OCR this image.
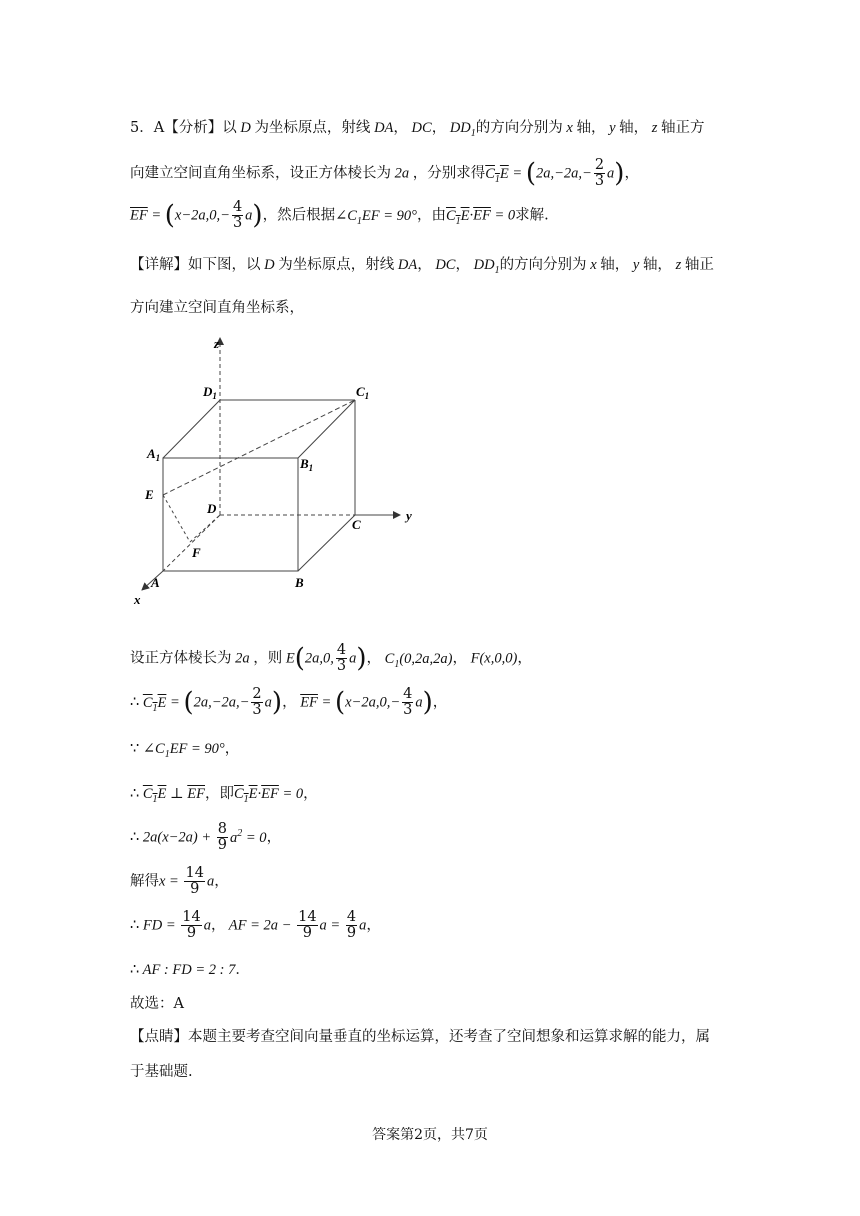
5．A【分析】以 D 为坐标原点，射线 DA， DC， $DD_1$的方向分别为 x 轴， y 轴， z 轴正方
向建立空间直角坐标系，设正方体棱长为 2a ，分别求得$C_1E = (2a,-2a,- \frac{2}{3} a)$，
$\overline{EF} = (x-2a,0,- \frac{4}{3} a)$，然后根据$\angle C_1EF = 90^\circ$，由$C_1E\cdot\overline{EF} = 0$求解.
【详解】如下图，以 D 为坐标原点，射线 DA， DC， $DD_1$的方向分别为 x 轴， y 轴， z 轴正
方向建立空间直角坐标系，
z
y
x
$D_1$	$C_1$
$A_1$	$B_1$
E
D
C
F
A	B
设正方体棱长为 2a ，则 E(2a,0, $\frac{4}{3} a$)， $C_1(0,2a,2a)$， F(x,0,0)，
∴ $C_1E = (2a,-2a,- \frac{2}{3} a)$， $\overline{EF} = (x-2a,0,- \frac{4}{3} a)$，
∵ $\angle C_1EF = 90^\circ$，
∴ $C_1E$ ⊥ $\overline{EF}$，即$C_1E\cdot\overline{EF} = 0$，
∴ $2a(x-2a) + \frac{8}{9} a^2 = 0$，
解得$x = \frac{14}{9}$ a，
∴ FD = $\frac{14}{9}$ a， AF = $2a - \frac{14}{9}$ $a = \frac{4}{9}$ a，
∴ AF : FD = 2 : 7．
故选：A
【点睛】本题主要考查空间向量垂直的坐标运算，还考查了空间想象和运算求解的能力，属
于基础题.
答案第2页，共7页
